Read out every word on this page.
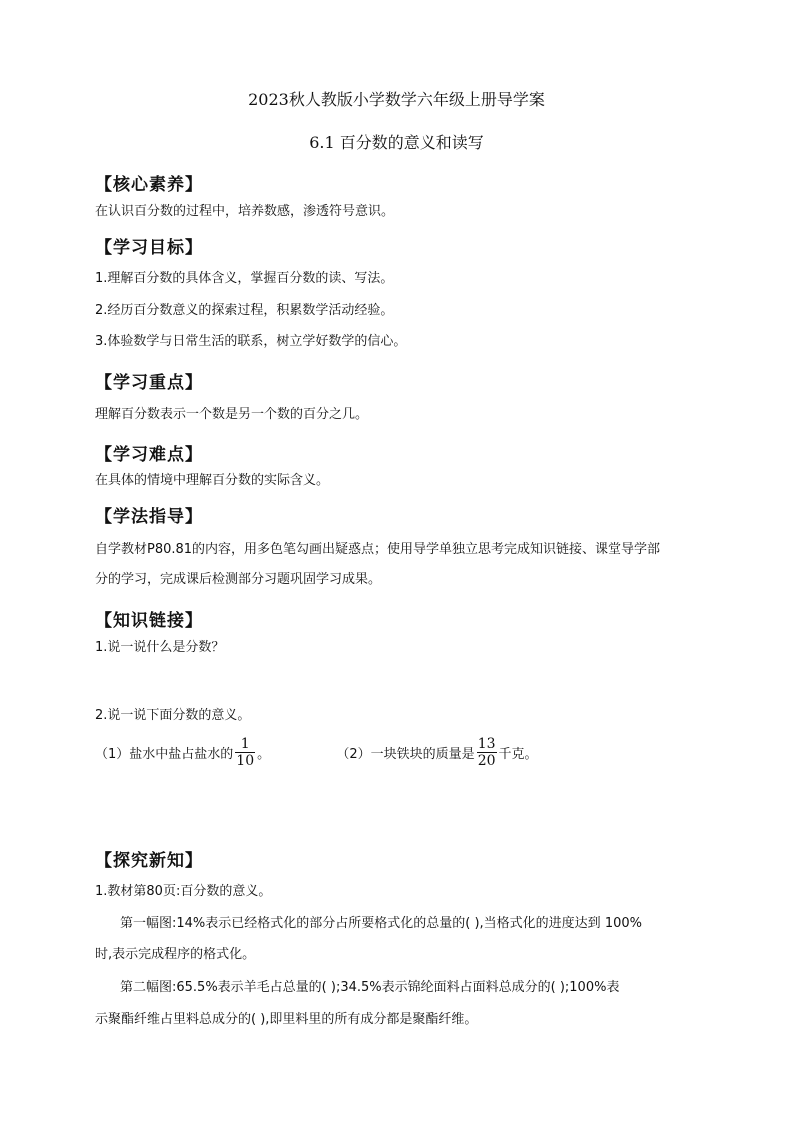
2023秋人教版小学数学六年级上册导学案
6.1 百分数的意义和读写
【核心素养】
在认识百分数的过程中，培养数感，渗透符号意识。
【学习目标】
1.理解百分数的具体含义，掌握百分数的读、写法。
2.经历百分数意义的探索过程，积累数学活动经验。
3.体验数学与日常生活的联系，树立学好数学的信心。
【学习重点】
理解百分数表示一个数是另一个数的百分之几。
【学习难点】
在具体的情境中理解百分数的实际含义。
【学法指导】
自学教材P80.81的内容，用多色笔勾画出疑惑点；使用导学单独立思考完成知识链接、课堂导学部
分的学习，完成课后检测部分习题巩固学习成果。
【知识链接】
1.说一说什么是分数？
2.说一说下面分数的意义。
（1）盐水中盐占盐水的 $\frac{1}{10}$ 。	（2）一块铁块的质量是 $\frac{13}{20}$ 千克。
【探究新知】
1.教材第80页:百分数的意义。
第一幅图:14%表示已经格式化的部分占所要格式化的总量的( ),当格式化的进度达到 100%
时,表示完成程序的格式化。
第二幅图:65.5%表示羊毛占总量的( );34.5%表示锦纶面料占面料总成分的( );100%表
示聚酯纤维占里料总成分的( ),即里料里的所有成分都是聚酯纤维。
